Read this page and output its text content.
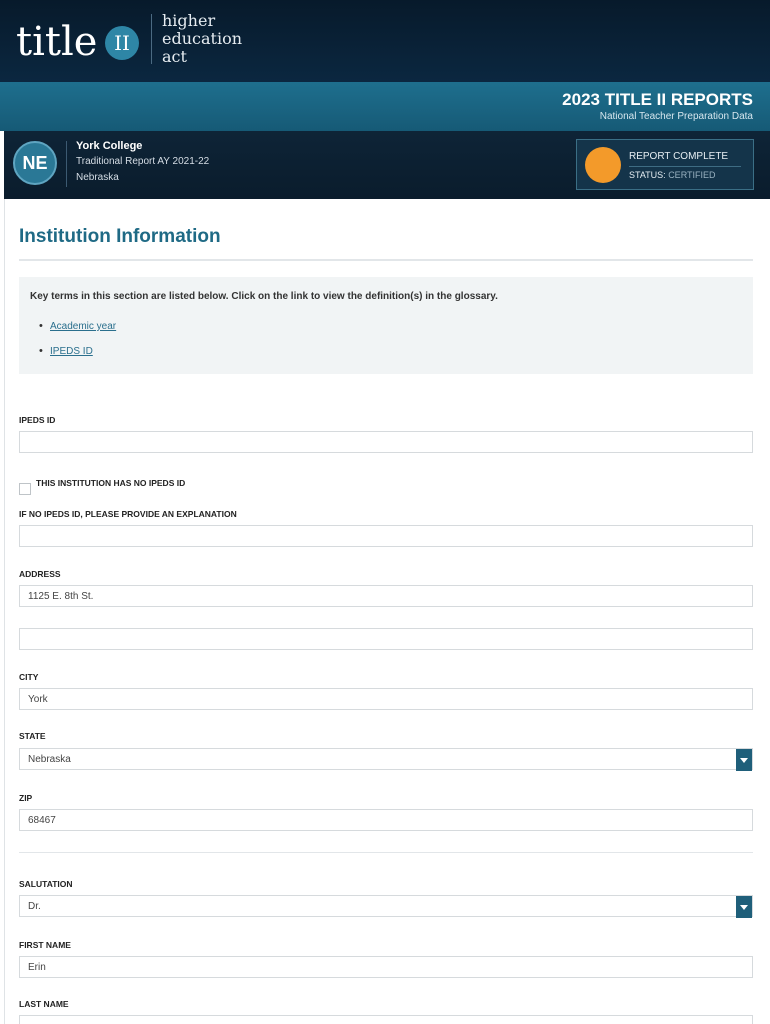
title II
higher
education
act
2023 TITLE II REPORTS
National Teacher Preparation Data
NE
York College
Traditional Report AY 2021-22
Nebraska
REPORT COMPLETE
STATUS: CERTIFIED
Institution Information
Key terms in this section are listed below. Click on the link to view the definition(s) in the glossary.
• Academic year
• IPEDS ID
IPEDS ID
THIS INSTITUTION HAS NO IPEDS ID
IF NO IPEDS ID, PLEASE PROVIDE AN EXPLANATION
ADDRESS
1125 E. 8th St.
CITY
York
STATE
Nebraska
ZIP
68467
SALUTATION
Dr.
FIRST NAME
Erin
LAST NAME
